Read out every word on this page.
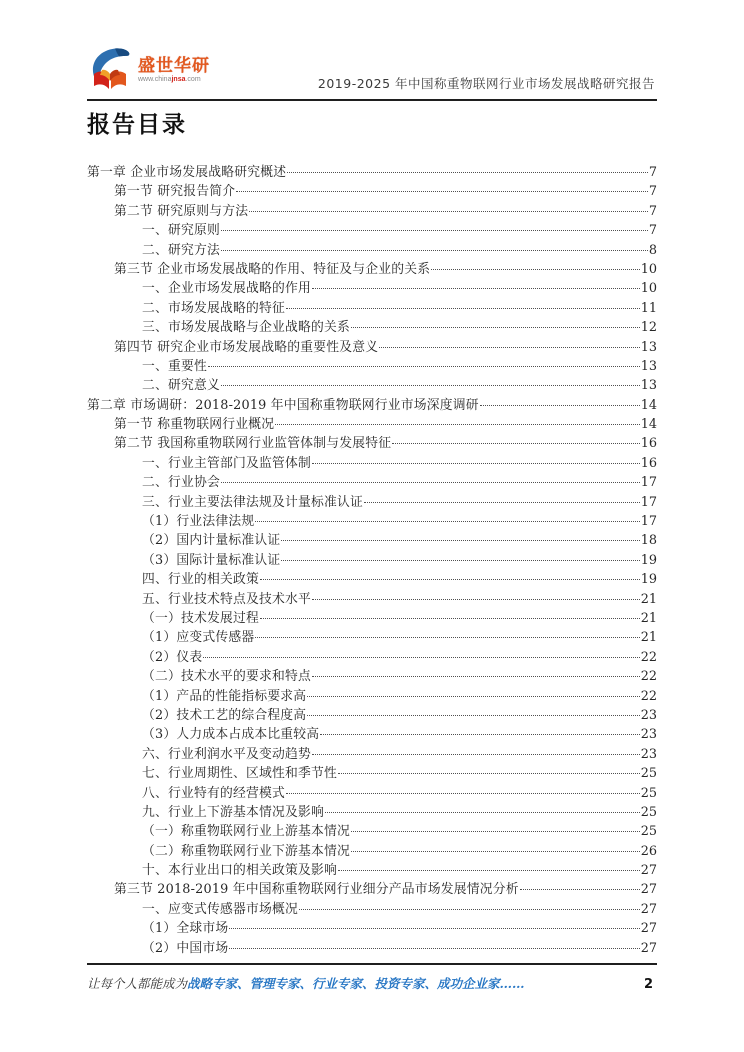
盛世华研
www.chinajnsa.com	2019-2025 年中国称重物联网行业市场发展战略研究报告
报告目录
第一章 企业市场发展战略研究概述	7
第一节 研究报告简介	7
第二节 研究原则与方法	7
一、研究原则	7
二、研究方法	8
第三节 企业市场发展战略的作用、特征及与企业的关系	10
一、企业市场发展战略的作用	10
二、市场发展战略的特征	11
三、市场发展战略与企业战略的关系	12
第四节 研究企业市场发展战略的重要性及意义	13
一、重要性	13
二、研究意义	13
第二章 市场调研：2018-2019 年中国称重物联网行业市场深度调研	14
第一节 称重物联网行业概况	14
第二节 我国称重物联网行业监管体制与发展特征	16
一、行业主管部门及监管体制	16
二、行业协会	17
三、行业主要法律法规及计量标准认证	17
（1）行业法律法规	17
（2）国内计量标准认证	18
（3）国际计量标准认证	19
四、行业的相关政策	19
五、行业技术特点及技术水平	21
（一）技术发展过程	21
（1）应变式传感器	21
（2）仪表	22
（二）技术水平的要求和特点	22
（1）产品的性能指标要求高	22
（2）技术工艺的综合程度高	23
（3）人力成本占成本比重较高	23
六、行业利润水平及变动趋势	23
七、行业周期性、区域性和季节性	25
八、行业特有的经营模式	25
九、行业上下游基本情况及影响	25
（一）称重物联网行业上游基本情况	25
（二）称重物联网行业下游基本情况	26
十、本行业出口的相关政策及影响	27
第三节 2018-2019 年中国称重物联网行业细分产品市场发展情况分析	27
一、应变式传感器市场概况	27
（1）全球市场	27
（2）中国市场	27
让每个人都能成为 战略专家、管理专家、行业专家、投资专家、成功企业家……	2
